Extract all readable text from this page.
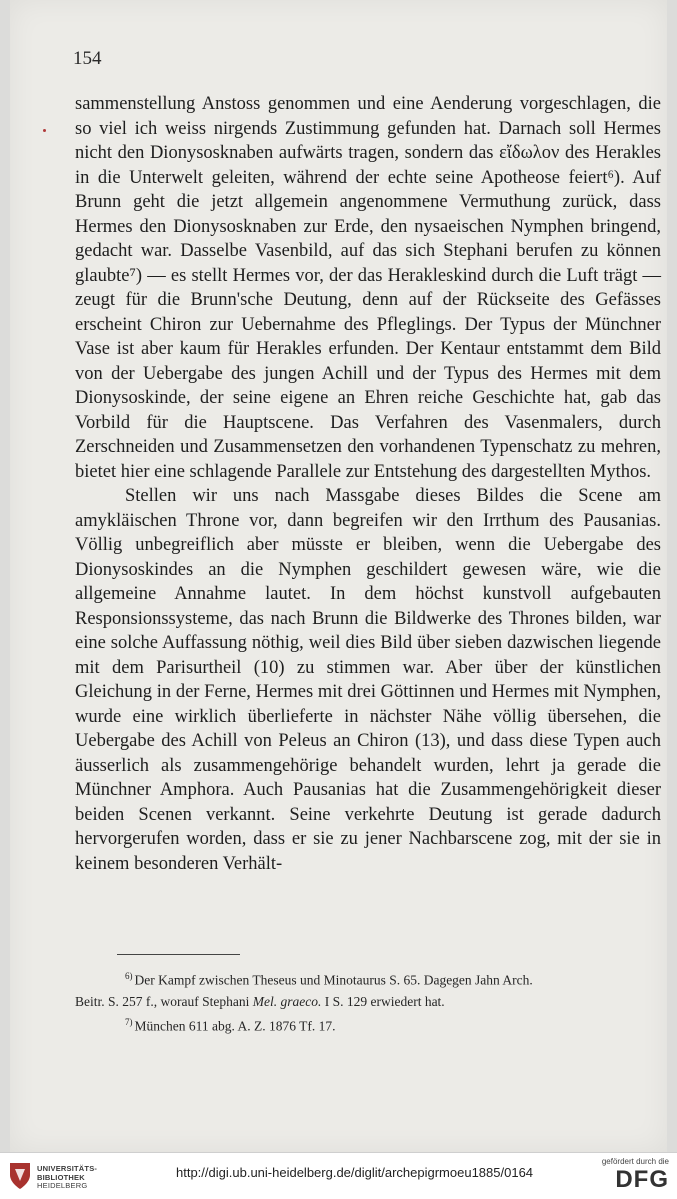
154

sammenstellung Anstoss genommen und eine Aenderung vorgeschlagen, die so viel ich weiss nirgends Zustimmung gefunden hat. Darnach soll Hermes nicht den Dionysosknaben aufwärts tragen, sondern das εἴδωλον des Herakles in die Unterwelt geleiten, während der echte seine Apotheose feiert⁶). Auf Brunn geht die jetzt allgemein angenommene Vermuthung zurück, dass Hermes den Dionysosknaben zur Erde, den nysaeischen Nymphen bringend, gedacht war. Dasselbe Vasenbild, auf das sich Stephani berufen zu können glaubte⁷) — es stellt Hermes vor, der das Herakleskind durch die Luft trägt — zeugt für die Brunn'sche Deutung, denn auf der Rückseite des Gefässes erscheint Chiron zur Uebernahme des Pfleglings. Der Typus der Münchner Vase ist aber kaum für Herakles erfunden. Der Kentaur entstammt dem Bild von der Uebergabe des jungen Achill und der Typus des Hermes mit dem Dionysoskinde, der seine eigene an Ehren reiche Geschichte hat, gab das Vorbild für die Hauptscene. Das Verfahren des Vasenmalers, durch Zerschneiden und Zusammensetzen den vorhandenen Typenschatz zu mehren, bietet hier eine schlagende Parallele zur Entstehung des dargestellten Mythos.

Stellen wir uns nach Massgabe dieses Bildes die Scene am amykläischen Throne vor, dann begreifen wir den Irrthum des Pausanias. Völlig unbegreiflich aber müsste er bleiben, wenn die Uebergabe des Dionysoskindes an die Nymphen geschildert gewesen wäre, wie die allgemeine Annahme lautet. In dem höchst kunstvoll aufgebauten Responsionssysteme, das nach Brunn die Bildwerke des Thrones bilden, war eine solche Auffassung nöthig, weil dies Bild über sieben dazwischen liegende mit dem Parisurtheil (10) zu stimmen war. Aber über der künstlichen Gleichung in der Ferne, Hermes mit drei Göttinnen und Hermes mit Nymphen, wurde eine wirklich überlieferte in nächster Nähe völlig übersehen, die Uebergabe des Achill von Peleus an Chiron (13), und dass diese Typen auch äusserlich als zusammengehörige behandelt wurden, lehrt ja gerade die Münchner Amphora. Auch Pausanias hat die Zusammengehörigkeit dieser beiden Scenen verkannt. Seine verkehrte Deutung ist gerade dadurch hervorgerufen worden, dass er sie zu jener Nachbarscene zog, mit der sie in keinem besonderen Verhält-

$^{6)}$ Der Kampf zwischen Theseus und Minotaurus S. 65. Dagegen Jahn Arch.

Beitr. S. 257 f., worauf Stephani Mel. graeco. I S. 129 erwiedert hat.

$^{7)}$ München 611 abg. A. Z. 1876 Tf. 17.

UNIVERSITÄTS-
BIBLIOTHEK
HEIDELBERG
http://digi.ub.uni-heidelberg.de/diglit/archepigrmoeu1885/0164
gefördert durch die
DFG
